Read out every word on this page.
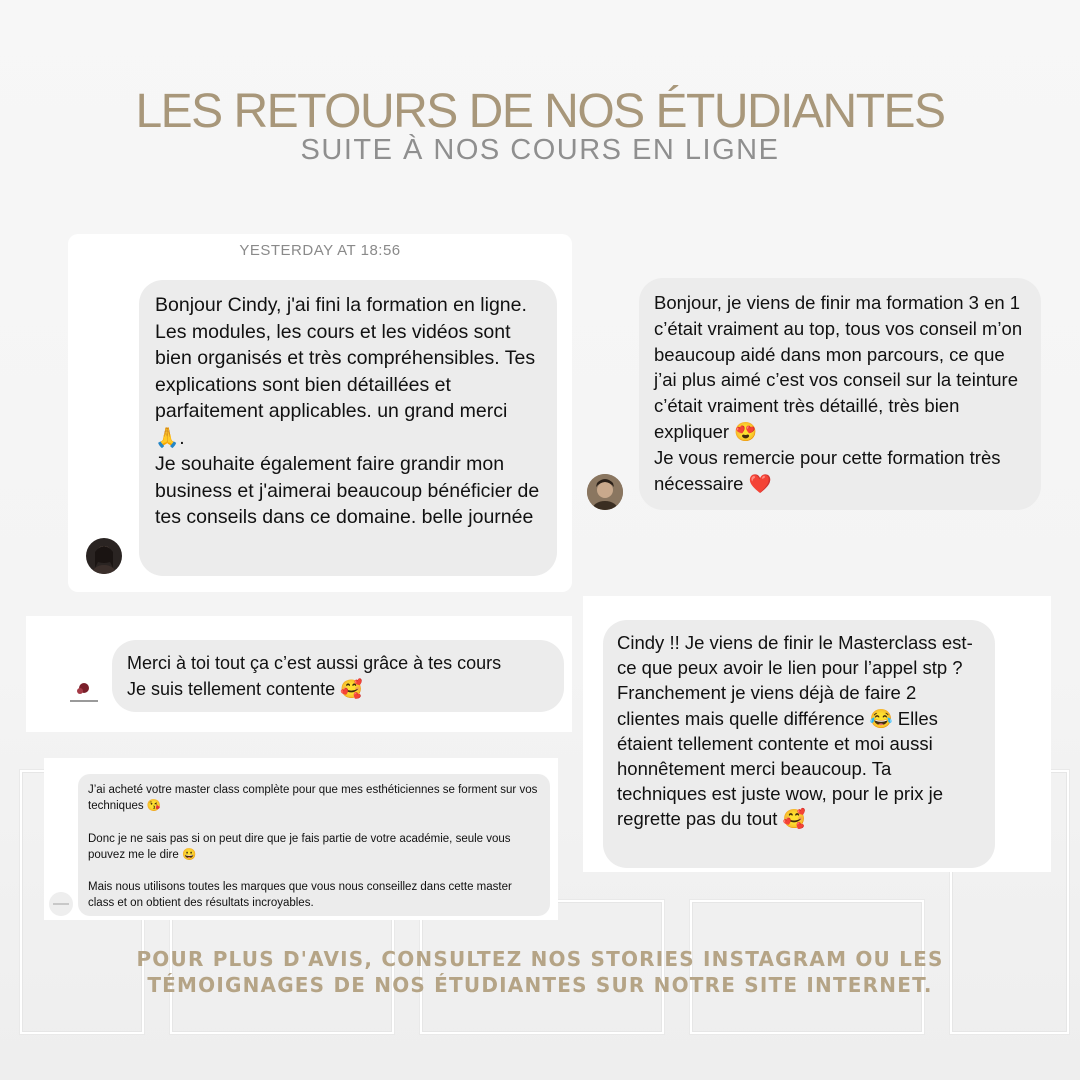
LES RETOURS DE NOS ÉTUDIANTES
SUITE À NOS COURS EN LIGNE
YESTERDAY AT 18:56
Bonjour Cindy, j'ai fini la formation en ligne. Les modules, les cours et les vidéos sont bien organisés et très compréhensibles. Tes explications sont bien détaillées et parfaitement applicables. un grand merci 🙏.
Je souhaite également faire grandir mon business et j'aimerai beaucoup bénéficier de tes conseils dans ce domaine. belle journée
Bonjour, je viens de finir ma formation 3 en 1 c’était vraiment au top, tous vos conseil m’on beaucoup aidé dans mon parcours, ce que j’ai plus aimé c’est vos conseil sur la teinture c’était vraiment très détaillé, très bien expliquer 😍
Je vous remercie pour cette formation très nécessaire ❤️
Merci à toi tout ça c’est aussi grâce à tes cours
Je suis tellement contente 🥰
Cindy !! Je viens de finir le Masterclass est-ce que peux avoir le lien pour l’appel stp ? Franchement je viens déjà de faire 2 clientes mais quelle différence 😂 Elles étaient tellement contente et moi aussi honnêtement merci beaucoup. Ta techniques est juste wow, pour le prix je regrette pas du tout 🥰
J’ai acheté votre master class complète pour que mes esthéticiennes se forment sur vos techniques 😘

Donc je ne sais pas si on peut dire que je fais partie de votre académie, seule vous pouvez me le dire 😀

Mais nous utilisons toutes les marques que vous nous conseillez dans cette master class et on obtient des résultats incroyables.
POUR PLUS D'AVIS, CONSULTEZ NOS STORIES INSTAGRAM OU LES
TÉMOIGNAGES DE NOS ÉTUDIANTES SUR NOTRE SITE INTERNET.
